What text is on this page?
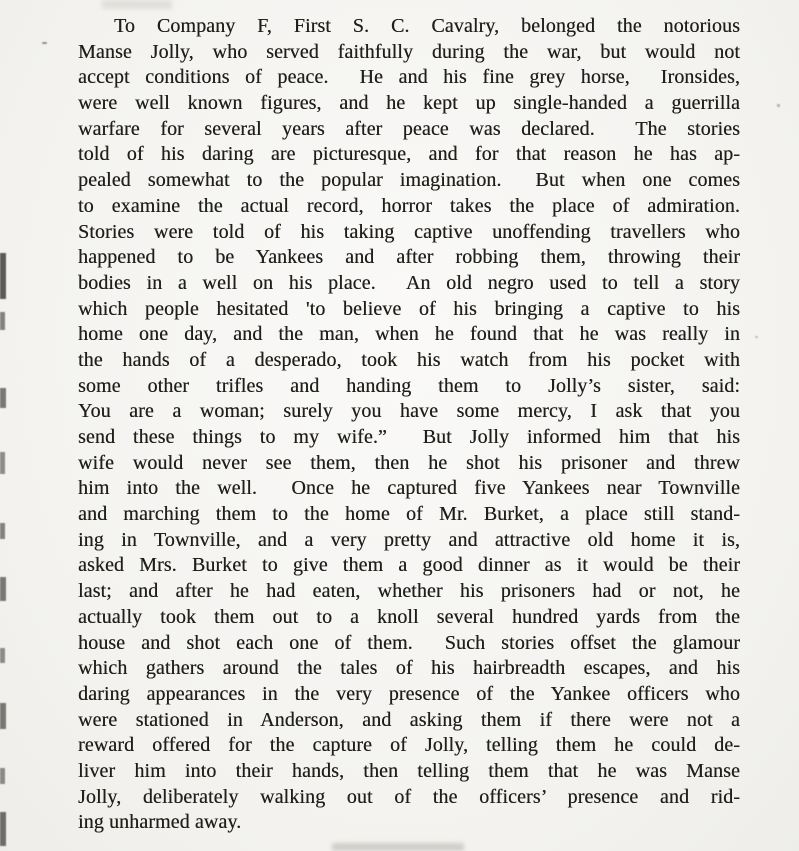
To Company F, First S. C. Cavalry, belonged the notorious
Manse Jolly, who served faithfully during the war, but would not
accept conditions of peace.  He and his fine grey horse,  Ironsides,
were well known figures, and he kept up single-handed a guerrilla
warfare for several years after peace was declared.  The stories
told of his daring are picturesque, and for that reason he has ap-
pealed somewhat to the popular imagination.  But when one comes
to examine the actual record, horror takes the place of admiration.
Stories were told of his taking captive unoffending travellers who
happened to be Yankees and after robbing them, throwing their
bodies in a well on his place.  An old negro used to tell a story
which people hesitated 'to believe of his bringing a captive to his
home one day, and the man, when he found that he was really in
the hands of a desperado, took his watch from his pocket with
some other trifles and handing them to Jolly’s sister, said:
You are a woman; surely you have some mercy, I ask that you
send these things to my wife.”  But Jolly informed him that his
wife would never see them, then he shot his prisoner and threw
him into the well.  Once he captured five Yankees near Townville
and marching them to the home of Mr. Burket, a place still stand-
ing in Townville, and a very pretty and attractive old home it is,
asked Mrs. Burket to give them a good dinner as it would be their
last; and after he had eaten, whether his prisoners had or not, he
actually took them out to a knoll several hundred yards from the
house and shot each one of them.  Such stories offset the glamour
which gathers around the tales of his hairbreadth escapes, and his
daring appearances in the very presence of the Yankee officers who
were stationed in Anderson, and asking them if there were not a
reward offered for the capture of Jolly, telling them he could de-
liver him into their hands, then telling them that he was Manse
Jolly, deliberately walking out of the officers’ presence and rid-
ing unharmed away.
